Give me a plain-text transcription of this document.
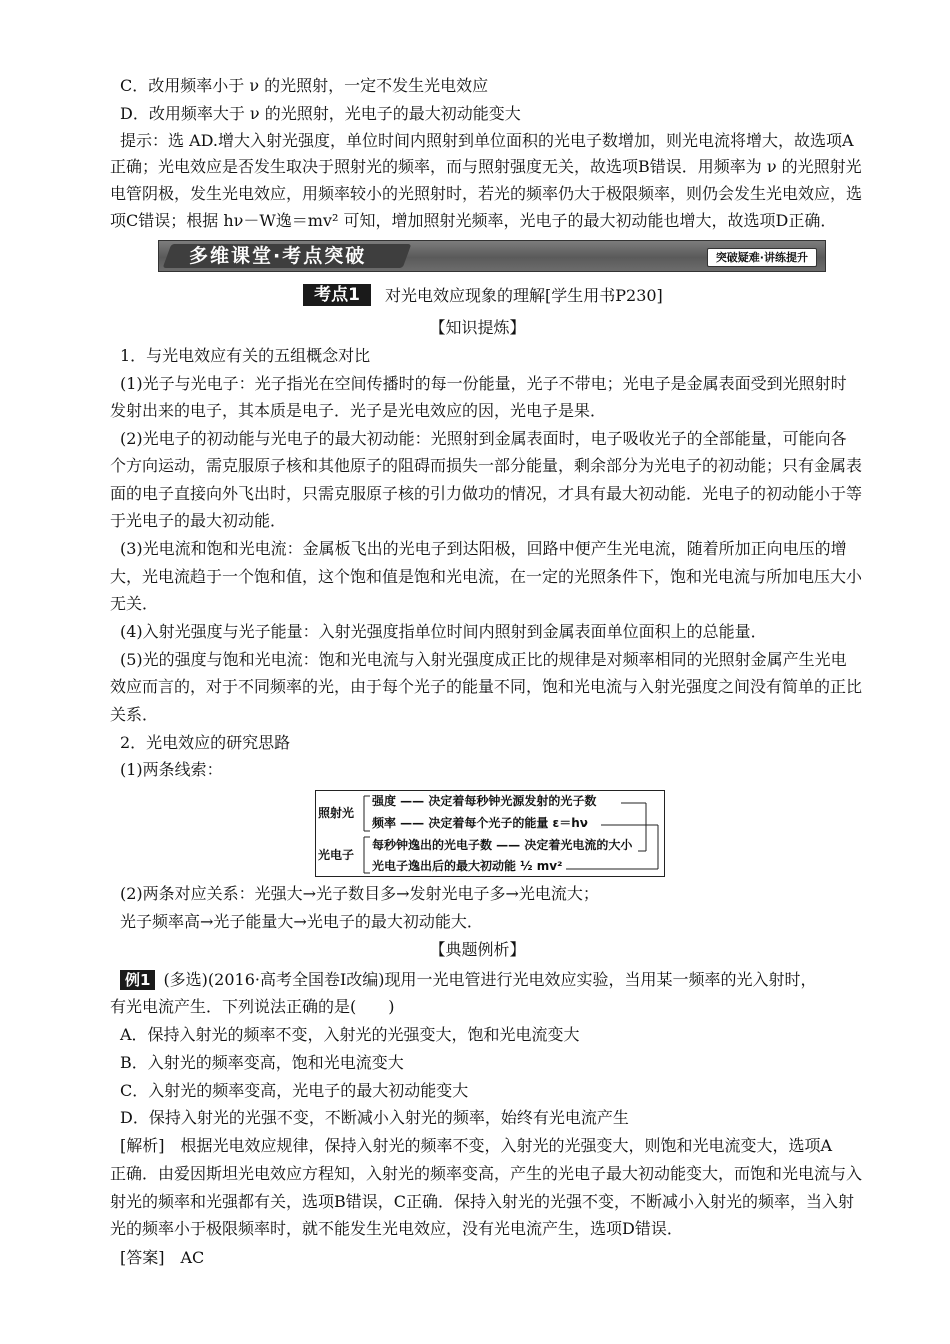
C．改用频率小于 ν 的光照射，一定不发生光电效应
D．改用频率大于 ν 的光照射，光电子的最大初动能变大
提示：选 AD.增大入射光强度，单位时间内照射到单位面积的光电子数增加，则光电流将增大，故选项A
正确；光电效应是否发生取决于照射光的频率，而与照射强度无关，故选项B错误．用频率为 ν 的光照射光
电管阴极，发生光电效应，用频率较小的光照射时，若光的频率仍大于极限频率，则仍会发生光电效应，选
项C错误；根据 hν－W逸＝mv² 可知，增加照射光频率，光电子的最大初动能也增大，故选项D正确．
多维课堂·考点突破	突破疑难·讲练提升
考点1	对光电效应现象的理解[学生用书P230]
【知识提炼】
1．与光电效应有关的五组概念对比
(1)光子与光电子：光子指光在空间传播时的每一份能量，光子不带电；光电子是金属表面受到光照射时
发射出来的电子，其本质是电子．光子是光电效应的因，光电子是果．
(2)光电子的初动能与光电子的最大初动能：光照射到金属表面时，电子吸收光子的全部能量，可能向各
个方向运动，需克服原子核和其他原子的阻碍而损失一部分能量，剩余部分为光电子的初动能；只有金属表
面的电子直接向外飞出时，只需克服原子核的引力做功的情况，才具有最大初动能．光电子的初动能小于等
于光电子的最大初动能．
(3)光电流和饱和光电流：金属板飞出的光电子到达阳极，回路中便产生光电流，随着所加正向电压的增
大，光电流趋于一个饱和值，这个饱和值是饱和光电流，在一定的光照条件下，饱和光电流与所加电压大小
无关．
(4)入射光强度与光子能量：入射光强度指单位时间内照射到金属表面单位面积上的总能量．
(5)光的强度与饱和光电流：饱和光电流与入射光强度成正比的规律是对频率相同的光照射金属产生光电
效应而言的，对于不同频率的光，由于每个光子的能量不同，饱和光电流与入射光强度之间没有简单的正比
关系．
2．光电效应的研究思路
(1)两条线索：
照射光
光电子
强度 —— 决定着每秒钟光源发射的光子数
频率 —— 决定着每个光子的能量 ε＝hν
每秒钟逸出的光电子数 —— 决定着光电流的大小
光电子逸出后的最大初动能 ½ mv²
(2)两条对应关系：光强大→光子数目多→发射光电子多→光电流大；
光子频率高→光子能量大→光电子的最大初动能大．
【典题例析】
例1 (多选)(2016·高考全国卷Ⅰ改编)现用一光电管进行光电效应实验，当用某一频率的光入射时，
有光电流产生．下列说法正确的是(　　)
A．保持入射光的频率不变，入射光的光强变大，饱和光电流变大
B．入射光的频率变高，饱和光电流变大
C．入射光的频率变高，光电子的最大初动能变大
D．保持入射光的光强不变，不断减小入射光的频率，始终有光电流产生
[解析]　根据光电效应规律，保持入射光的频率不变，入射光的光强变大，则饱和光电流变大，选项A
正确．由爱因斯坦光电效应方程知，入射光的频率变高，产生的光电子最大初动能变大，而饱和光电流与入
射光的频率和光强都有关，选项B错误，C正确．保持入射光的光强不变，不断减小入射光的频率，当入射
光的频率小于极限频率时，就不能发生光电效应，没有光电流产生，选项D错误．
[答案]　AC
